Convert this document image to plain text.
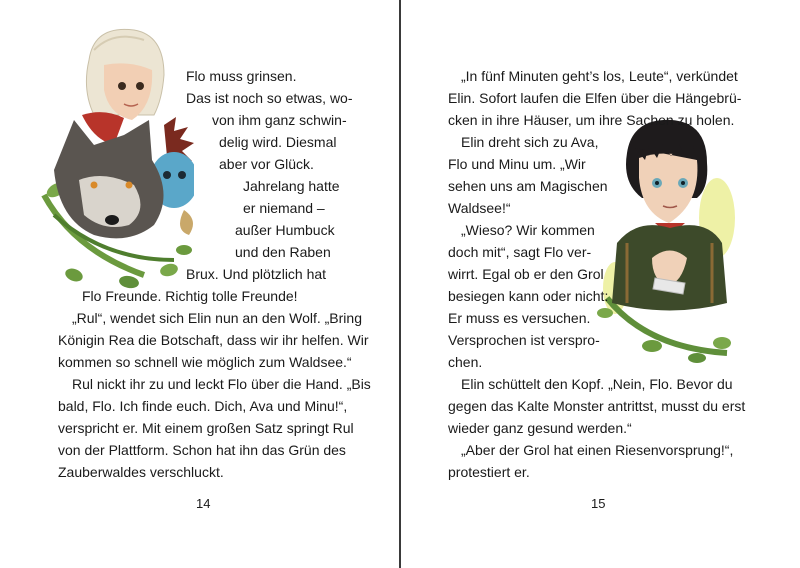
Flo muss grinsen.
Das ist noch so etwas, wo-
von ihm ganz schwin-
delig wird. Diesmal
aber vor Glück.
Jahrelang hatte
er niemand –
außer Humbuck
und den Raben
Brux. Und plötzlich hat
Flo Freunde. Richtig tolle Freunde!
„Rul“, wendet sich Elin nun an den Wolf. „Bring
Königin Rea die Botschaft, dass wir ihr helfen. Wir
kommen so schnell wie möglich zum Waldsee.“
Rul nickt ihr zu und leckt Flo über die Hand. „Bis
bald, Flo. Ich finde euch. Dich, Ava und Minu!“,
verspricht er. Mit einem großen Satz springt Rul
von der Plattform. Schon hat ihn das Grün des
Zauberwaldes verschluckt.
14
„In fünf Minuten geht’s los, Leute“, verkündet
Elin. Sofort laufen die Elfen über die Hängebrü-
cken in ihre Häuser, um ihre Sachen zu holen.
Elin dreht sich zu Ava,
Flo und Minu um. „Wir
sehen uns am Magischen
Waldsee!“
„Wieso? Wir kommen
doch mit“, sagt Flo ver-
wirrt. Egal ob er den Grol
besiegen kann oder nicht:
Er muss es versuchen.
Versprochen ist verspro-
chen.
Elin schüttelt den Kopf. „Nein, Flo. Bevor du
gegen das Kalte Monster antrittst, musst du erst
wieder ganz gesund werden.“
„Aber der Grol hat einen Riesenvorsprung!“,
protestiert er.
15
